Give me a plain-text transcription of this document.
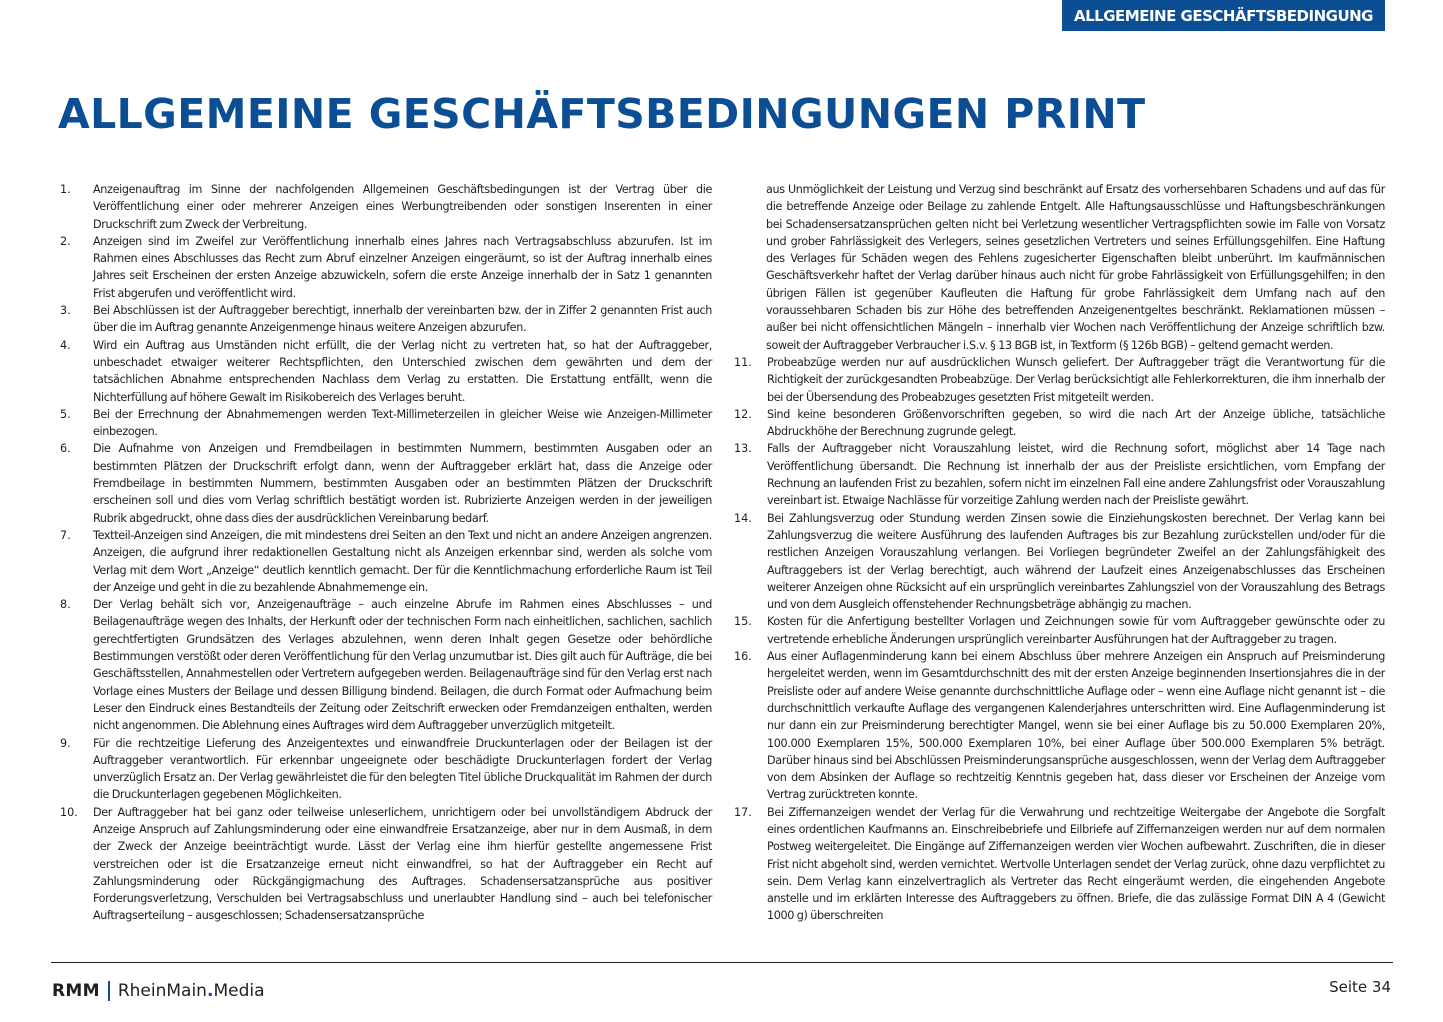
ALLGEMEINE GESCHÄFTSBEDINGUNG
ALLGEMEINE GESCHÄFTSBEDINGUNGEN PRINT
1.	Anzeigenauftrag im Sinne der nachfolgenden Allgemeinen Geschäftsbedingungen ist der Vertrag über die Veröffentlichung einer oder mehrerer Anzeigen eines Werbungtreibenden oder sonstigen Inserenten in einer Druckschrift zum Zweck der Verbreitung.

2.	Anzeigen sind im Zweifel zur Veröffentlichung innerhalb eines Jahres nach Vertragsabschluss abzurufen. Ist im Rahmen eines Abschlusses das Recht zum Abruf einzelner Anzeigen eingeräumt, so ist der Auftrag innerhalb eines Jahres seit Erscheinen der ersten Anzeige abzuwickeln, sofern die erste Anzeige innerhalb der in Satz 1 genannten Frist abgerufen und veröffentlicht wird.

3.	Bei Abschlüssen ist der Auftraggeber berechtigt, innerhalb der vereinbarten bzw. der in Ziffer 2 genannten Frist auch über die im Auftrag genannte Anzeigenmenge hinaus weitere Anzeigen abzurufen.

4.	Wird ein Auftrag aus Umständen nicht erfüllt, die der Verlag nicht zu vertreten hat, so hat der Auftraggeber, unbeschadet etwaiger weiterer Rechtspflichten, den Unterschied zwischen dem gewährten und dem der tatsächlichen Abnahme entsprechenden Nachlass dem Verlag zu erstatten. Die Erstattung entfällt, wenn die Nichterfüllung auf höhere Gewalt im Risikobereich des Verlages beruht.

5.	Bei der Errechnung der Abnahmemengen werden Text-Millimeterzeilen in gleicher Weise wie Anzeigen-Millimeter einbezogen.

6.	Die Aufnahme von Anzeigen und Fremdbeilagen in bestimmten Nummern, bestimmten Ausgaben oder an bestimmten Plätzen der Druckschrift erfolgt dann, wenn der Auftraggeber erklärt hat, dass die Anzeige oder Fremdbeilage in bestimmten Nummern, bestimmten Ausgaben oder an bestimmten Plätzen der Druckschrift erscheinen soll und dies vom Verlag schriftlich bestätigt worden ist. Rubrizierte Anzeigen werden in der jeweiligen Rubrik abgedruckt, ohne dass dies der ausdrücklichen Vereinbarung bedarf.

7.	Textteil-Anzeigen sind Anzeigen, die mit mindestens drei Seiten an den Text und nicht an andere Anzeigen angrenzen. Anzeigen, die aufgrund ihrer redaktionellen Gestaltung nicht als Anzeigen erkennbar sind, werden als solche vom Verlag mit dem Wort „Anzeige“ deutlich kenntlich gemacht. Der für die Kenntlichmachung erforderliche Raum ist Teil der Anzeige und geht in die zu bezahlende Abnahmemenge ein.

8.	Der Verlag behält sich vor, Anzeigenaufträge – auch einzelne Abrufe im Rahmen eines Abschlusses – und Beilagenaufträge wegen des Inhalts, der Herkunft oder der technischen Form nach einheitlichen, sachlichen, sachlich gerechtfertigten Grundsätzen des Verlages abzulehnen, wenn deren Inhalt gegen Gesetze oder behördliche Bestimmungen verstößt oder deren Veröffentlichung für den Verlag unzumutbar ist. Dies gilt auch für Aufträge, die bei Geschäftsstellen, Annahmestellen oder Vertretern aufgegeben werden. Beilagenaufträge sind für den Verlag erst nach Vorlage eines Musters der Beilage und dessen Billigung bindend. Beilagen, die durch Format oder Aufmachung beim Leser den Eindruck eines Bestandteils der Zeitung oder Zeitschrift erwecken oder Fremdanzeigen enthalten, werden nicht angenommen. Die Ablehnung eines Auftrages wird dem Auftraggeber unverzüglich mitgeteilt.

9.	Für die rechtzeitige Lieferung des Anzeigentextes und einwandfreie Druckunterlagen oder der Beilagen ist der Auftraggeber verantwortlich. Für erkennbar ungeeignete oder beschädigte Druckunterlagen fordert der Verlag unverzüglich Ersatz an. Der Verlag gewährleistet die für den belegten Titel übliche Druckqualität im Rahmen der durch die Druckunterlagen gegebenen Möglichkeiten.

10.	Der Auftraggeber hat bei ganz oder teilweise unleserlichem, unrichtigem oder bei unvollständigem Abdruck der Anzeige Anspruch auf Zahlungsminderung oder eine einwandfreie Ersatzanzeige, aber nur in dem Ausmaß, in dem der Zweck der Anzeige beeinträchtigt wurde. Lässt der Verlag eine ihm hierfür gestellte angemessene Frist verstreichen oder ist die Ersatzanzeige erneut nicht einwandfrei, so hat der Auftraggeber ein Recht auf Zahlungsminderung oder Rückgängigmachung des Auftrages. Schadensersatzansprüche aus positiver Forderungsverletzung, Verschulden bei Vertragsabschluss und unerlaubter Handlung sind – auch bei telefonischer Auftragserteilung – ausgeschlossen; Schadensersatzansprüche

aus Unmöglichkeit der Leistung und Verzug sind beschränkt auf Ersatz des vorhersehbaren Schadens und auf das für die betreffende Anzeige oder Beilage zu zahlende Entgelt. Alle Haftungsausschlüsse und Haftungsbeschränkungen bei Schadensersatzansprüchen gelten nicht bei Verletzung wesentlicher Vertragspflichten sowie im Falle von Vorsatz und grober Fahrlässigkeit des Verlegers, seines gesetzlichen Vertreters und seines Erfüllungsgehilfen. Eine Haftung des Verlages für Schäden wegen des Fehlens zugesicherter Eigenschaften bleibt unberührt. Im kaufmännischen Geschäftsverkehr haftet der Verlag darüber hinaus auch nicht für grobe Fahrlässigkeit von Erfüllungsgehilfen; in den übrigen Fällen ist gegenüber Kaufleuten die Haftung für grobe Fahrlässigkeit dem Umfang nach auf den voraussehbaren Schaden bis zur Höhe des betreffenden Anzeigenentgeltes beschränkt. Reklamationen müssen – außer bei nicht offensichtlichen Mängeln – innerhalb vier Wochen nach Veröffentlichung der Anzeige schriftlich bzw. soweit der Auftraggeber Verbraucher i.S.v. § 13 BGB ist, in Textform (§ 126b BGB) – geltend gemacht werden.

11.	Probeabzüge werden nur auf ausdrücklichen Wunsch geliefert. Der Auftraggeber trägt die Verantwortung für die Richtigkeit der zurückgesandten Probeabzüge. Der Verlag berücksichtigt alle Fehlerkorrekturen, die ihm innerhalb der bei der Übersendung des Probeabzuges gesetzten Frist mitgeteilt werden.

12.	Sind keine besonderen Größenvorschriften gegeben, so wird die nach Art der Anzeige übliche, tatsächliche Abdruckhöhe der Berechnung zugrunde gelegt.

13.	Falls der Auftraggeber nicht Vorauszahlung leistet, wird die Rechnung sofort, möglichst aber 14 Tage nach Veröffentlichung übersandt. Die Rechnung ist innerhalb der aus der Preisliste ersichtlichen, vom Empfang der Rechnung an laufenden Frist zu bezahlen, sofern nicht im einzelnen Fall eine andere Zahlungsfrist oder Vorauszahlung vereinbart ist. Etwaige Nachlässe für vorzeitige Zahlung werden nach der Preisliste gewährt.

14.	Bei Zahlungsverzug oder Stundung werden Zinsen sowie die Einziehungskosten berechnet. Der Verlag kann bei Zahlungsverzug die weitere Ausführung des laufenden Auftrages bis zur Bezahlung zurückstellen und/oder für die restlichen Anzeigen Vorauszahlung verlangen. Bei Vorliegen begründeter Zweifel an der Zahlungsfähigkeit des Auftraggebers ist der Verlag berechtigt, auch während der Laufzeit eines Anzeigenabschlusses das Erscheinen weiterer Anzeigen ohne Rücksicht auf ein ursprünglich vereinbartes Zahlungsziel von der Vorauszahlung des Betrags und von dem Ausgleich offenstehender Rechnungsbeträge abhängig zu machen.

15.	Kosten für die Anfertigung bestellter Vorlagen und Zeichnungen sowie für vom Auftraggeber gewünschte oder zu vertretende erhebliche Änderungen ursprünglich vereinbarter Ausführungen hat der Auftraggeber zu tragen.

16.	Aus einer Auflagenminderung kann bei einem Abschluss über mehrere Anzeigen ein Anspruch auf Preisminderung hergeleitet werden, wenn im Gesamtdurchschnitt des mit der ersten Anzeige beginnenden Insertionsjahres die in der Preisliste oder auf andere Weise genannte durchschnittliche Auflage oder – wenn eine Auflage nicht genannt ist – die durchschnittlich verkaufte Auflage des vergangenen Kalenderjahres unterschritten wird. Eine Auflagenminderung ist nur dann ein zur Preisminderung berechtigter Mangel, wenn sie bei einer Auflage bis zu 50.000 Exemplaren 20%, 100.000 Exemplaren 15%, 500.000 Exemplaren 10%, bei einer Auflage über 500.000 Exemplaren 5% beträgt. Darüber hinaus sind bei Abschlüssen Preisminderungsansprüche ausgeschlossen, wenn der Verlag dem Auftraggeber von dem Absinken der Auflage so rechtzeitig Kenntnis gegeben hat, dass dieser vor Erscheinen der Anzeige vom Vertrag zurücktreten konnte.

17.	Bei Ziffernanzeigen wendet der Verlag für die Verwahrung und rechtzeitige Weitergabe der Angebote die Sorgfalt eines ordentlichen Kaufmanns an. Einschreibebriefe und Eilbriefe auf Ziffernanzeigen werden nur auf dem normalen Postweg weitergeleitet. Die Eingänge auf Ziffernanzeigen werden vier Wochen aufbewahrt. Zuschriften, die in dieser Frist nicht abgeholt sind, werden vernichtet. Wertvolle Unterlagen sendet der Verlag zurück, ohne dazu verpflichtet zu sein. Dem Verlag kann einzelvertraglich als Vertreter das Recht eingeräumt werden, die eingehenden Angebote anstelle und im erklärten Interesse des Auftraggebers zu öffnen. Briefe, die das zulässige Format DIN A 4 (Gewicht 1000 g) überschreiten

RMM RheinMain . Media	Seite 34
